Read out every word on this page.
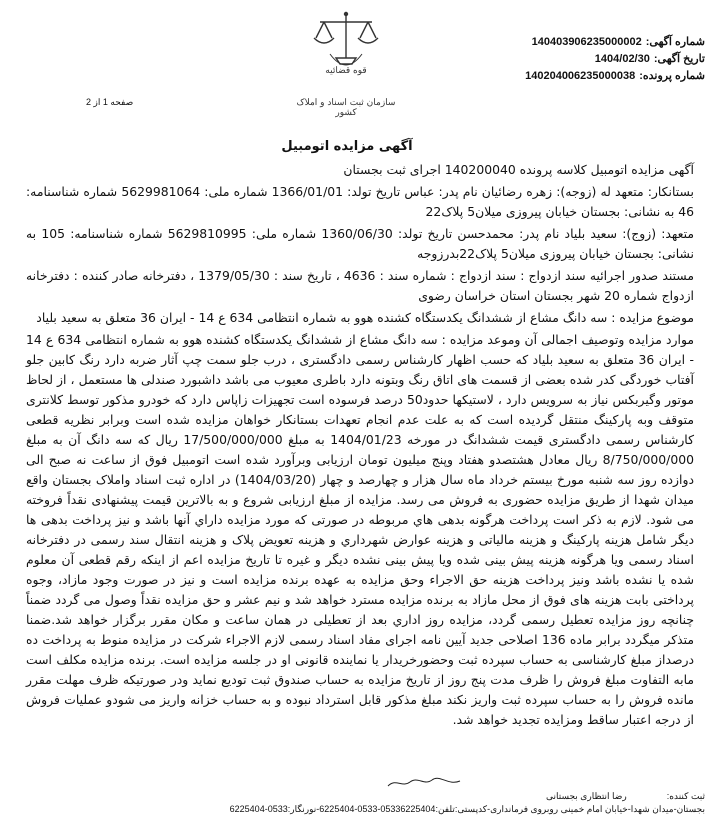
شماره آگهی:140403906235000002
تاریخ آگهی:1404/02/30
شماره پرونده:140204006235000038
قوه قضائیه
سازمان ثبت اسناد و املاک کشور
صفحه 1 از 2
آگهی مزایده اتومبیل

آگهی مزایده اتومبیل کلاسه پرونده 140200040 اجرای ثبت بجستان

بستانکار: متعهد له (زوجه): زهره رضائیان نام پدر: عباس تاریخ تولد: 1366/01/01 شماره ملی: 5629981064 شماره شناسنامه: 46 به نشانی: بجستان خیابان پیروزی میلان5 پلاک22

متعهد: (زوج): سعید بلیاد نام پدر: محمدحسن تاریخ تولد: 1360/06/30 شماره ملی: 5629810995 شماره شناسنامه: 105 به نشانی: بجستان خیابان پیروزی میلان5 پلاک22بدرزوجه

مستند صدور اجرائیه سند ازدواج : سند ازدواج : شماره سند : 4636 ، تاریخ سند : 1379/05/30 ، دفترخانه صادر کننده : دفترخانه ازدواج شماره 20 شهر بجستان استان خراسان رضوی

موضوع مزایده : سه دانگ مشاع از ششدانگ یکدستگاه کشنده هوو به شماره انتظامی 634 ع 14 - ایران 36 متعلق به سعید بلیاد

موارد مزایده وتوصیف اجمالی آن وموعد مزایده : سه دانگ مشاع از ششدانگ یکدستگاه کشنده هوو به شماره انتظامی 634 ع 14 - ایران 36 متعلق به سعید بلیاد که حسب اظهار کارشناس رسمی دادگستری ، درب جلو سمت چپ آثار ضربه دارد رنگ کابین جلو آفتاب خوردگی کدر شده بعضی از قسمت های اتاق رنگ وبتونه دارد باطری معیوب می باشد داشبورد صندلی ها مستعمل ، از لحاظ موتور وگیربکس نیاز به سرویس دارد ، لاستیکها حدود50 درصد فرسوده است تجهیزات زاپاس دارد که خودرو مذکور توسط کلانتری متوقف وبه پارکینگ منتقل گردیده است که به علت عدم انجام تعهدات بستانکار خواهان مزایده شده است وبرابر نظریه قطعی کارشناس رسمی دادگستری قیمت ششدانگ در مورخه 1404/01/23 به مبلغ 17/500/000/000 ریال که سه دانگ آن به مبلغ 8/750/000/000 ریال معادل هشتصدو هفتاد وپنج میلیون تومان ارزیابی وبرآورد شده است اتومبیل فوق از ساعت نه صبح الی دوازده روز سه شنبه مورخ بیستم خرداد ماه سال هزار و چهارصد و چهار (1404/03/20) در اداره ثبت اسناد واملاک بجستان واقع میدان شهدا از طریق مزایده حضوری به فروش می رسد. مزایده از مبلغ ارزیابی شروع و به بالاترین قیمت پیشنهادی نقداً فروخته می شود. لازم به ذکر است پرداخت هرگونه بدهی هاي مربوطه در صورتی که مورد مزایده داراي آنها باشد و نیز پرداخت بدهی ها دیگر شامل هزینه پارکینگ و هزینه مالیاتی و هزینه عوارض شهرداري و هزینه تعویض پلاک و هزینه انتقال سند رسمی در دفترخانه اسناد رسمی ویا هرگونه هزینه پیش بینی شده ویا پیش بینی نشده دیگر و غیره تا تاریخ مزایده اعم از اینکه رقم قطعی آن معلوم شده یا نشده باشد ونیز پرداخت هزینه حق الاجراء وحق مزایده به عهده برنده مزایده است و نیز در صورت وجود مازاد، وجوه پرداختی بابت هزینه های فوق از محل مازاد به برنده مزایده مسترد خواهد شد و نیم عشر و حق مزایده نقداً وصول می گردد ضمناً چنانچه روز مزایده تعطیل رسمی گردد، مزایده روز اداري بعد از تعطیلی در همان ساعت و مکان مقرر برگزار خواهد شد.ضمنا متذکر میگردد برابر ماده 136 اصلاحی جدید آیین نامه اجرای مفاد اسناد رسمی لازم الاجراء شرکت در مزایده منوط به پرداخت ده درصداز مبلغ کارشناسی به حساب سپرده ثبت وحضورخریدار یا نماینده قانونی او در جلسه مزایده است. برنده مزایده مکلف است مابه التفاوت مبلغ فروش را ظرف مدت پنج روز از تاریخ مزایده به حساب صندوق ثبت تودیع نماید ودر صورتیکه ظرف مهلت مقرر مانده فروش را به حساب سپرده ثبت واریز نکند مبلغ مذکور قابل استرداد نبوده و به حساب خزانه واریز می شودو عملیات فروش از درجه اعتبار ساقط ومزایده تجدید خواهد شد.

ثبت کننده:
رضا انتظاری بجستانی
بجستان-میدان شهدا-خیابان امام خمینی روبروی فرمانداری-کدپستی:تلفن:05336225404-0533-6225404-نورنگار:0533-6225404
